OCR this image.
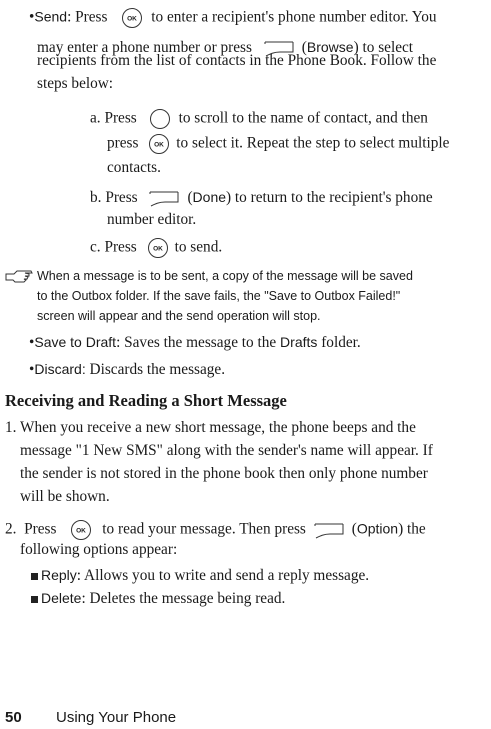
•Send: Press	to enter a recipient's phone number editor. You
may enter a phone number or press	(Browse) to select
recipients from the list of contacts in the Phone Book. Follow the
steps below:
a. Press	to scroll to the name of contact, and then
press to select it. Repeat the step to select multiple
contacts.
b. Press	(Done) to return to the recipient's phone
number editor.
c. Press to send.
When a message is to be sent, a copy of the message will be saved
to the Outbox folder. If the save fails, the "Save to Outbox Failed!"
screen will appear and the send operation will stop.
•Save to Draft: Saves the message to the Drafts folder.
•Discard: Discards the message.
Receiving and Reading a Short Message
1. When you receive a new short message, the phone beeps and the
message "1 New SMS" along with the sender's name will appear. If
the sender is not stored in the phone book then only phone number
will be shown.
2. Press	to read your message. Then press	(Option) the
following options appear:
Reply: Allows you to write and send a reply message.
Delete: Deletes the message being read.
50 Using Your Phone
